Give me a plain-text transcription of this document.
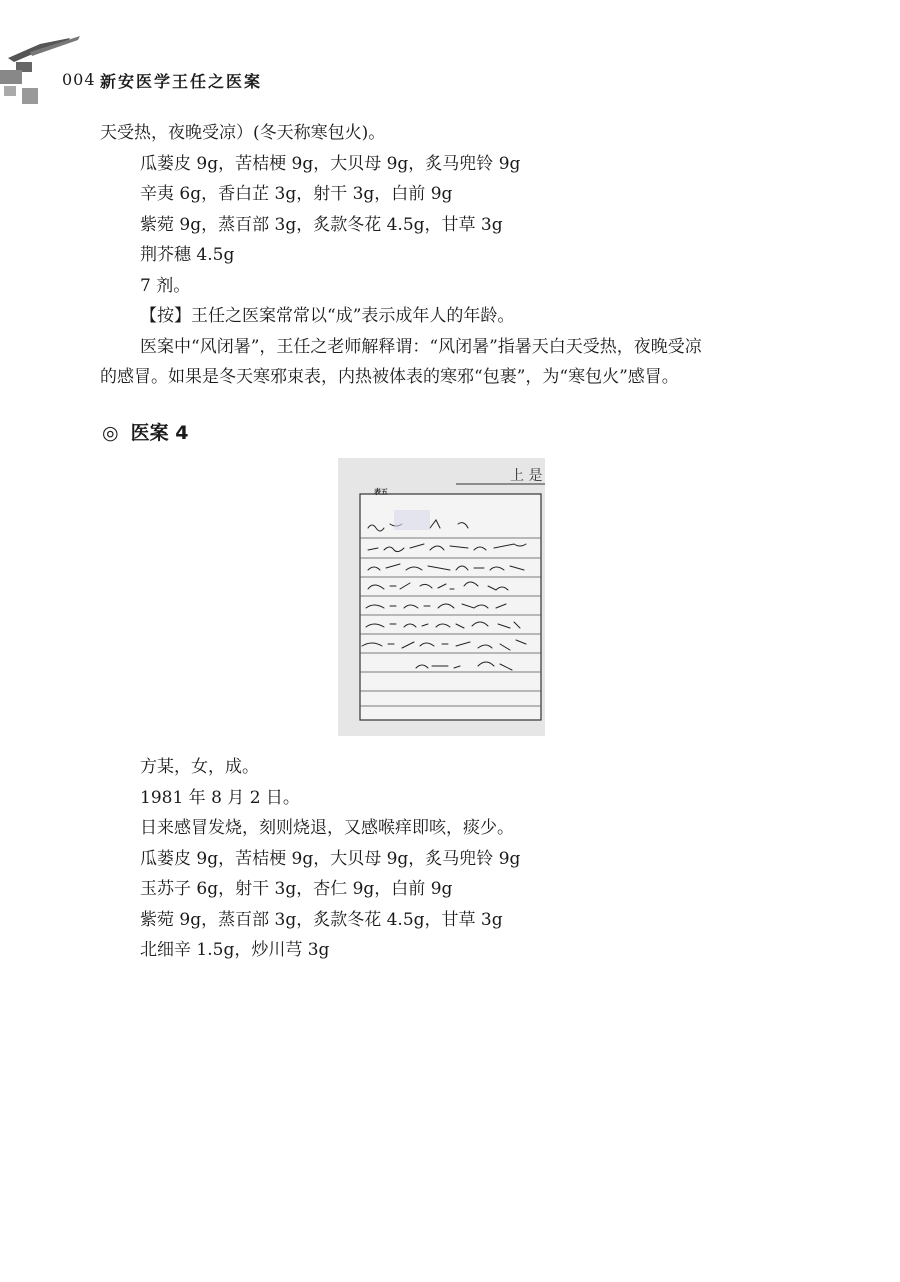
004 新安医学王任之医案
天受热，夜晚受凉）(冬天称寒包火)。
瓜蒌皮 9g，苦桔梗 9g，大贝母 9g，炙马兜铃 9g
辛夷 6g，香白芷 3g，射干 3g，白前 9g
紫菀 9g，蒸百部 3g，炙款冬花 4.5g，甘草 3g
荆芥穗 4.5g
7 剂。
【按】王任之医案常常以“成”表示成年人的年龄。
医案中“风闭暑”，王任之老师解释谓：“风闭暑”指暑天白天受热，夜晚受凉
的感冒。如果是冬天寒邪束表，内热被体表的寒邪“包裹”，为“寒包火”感冒。
◎ 医案 4
上 是
表五
方某，女，成。
1981 年 8 月 2 日。
日来感冒发烧，刻则烧退，又感喉痒即咳，痰少。
瓜蒌皮 9g，苦桔梗 9g，大贝母 9g，炙马兜铃 9g
玉苏子 6g，射干 3g，杏仁 9g，白前 9g
紫菀 9g，蒸百部 3g，炙款冬花 4.5g，甘草 3g
北细辛 1.5g，炒川芎 3g
